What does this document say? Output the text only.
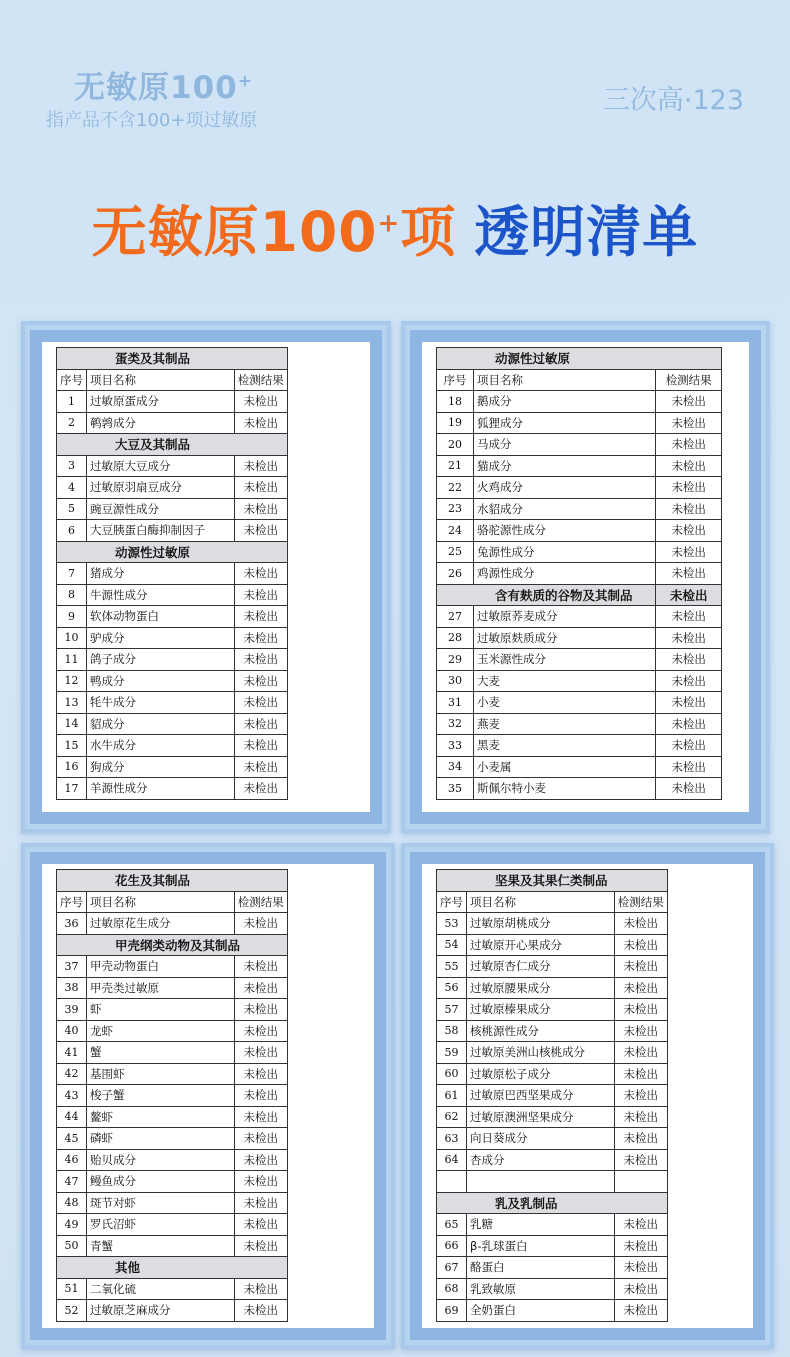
无敏原100+
指产品不含100+项过敏原
三次高·123
无敏原100+项 透明清单
蛋类及其制品		
序号	项目名称	检测结果
1	过敏原蛋成分	未检出
2	鹌鹑成分	未检出
大豆及其制品		
3	过敏原大豆成分	未检出
4	过敏原羽扇豆成分	未检出
5	豌豆源性成分	未检出
6	大豆胰蛋白酶抑制因子	未检出
动源性过敏原		
7	猪成分	未检出
8	牛源性成分	未检出
9	软体动物蛋白	未检出
10	驴成分	未检出
11	鸽子成分	未检出
12	鸭成分	未检出
13	牦牛成分	未检出
14	貂成分	未检出
15	水牛成分	未检出
16	狗成分	未检出
17	羊源性成分	未检出
动源性过敏原		
序号	项目名称	检测结果
18	鹅成分	未检出
19	狐狸成分	未检出
20	马成分	未检出
21	猫成分	未检出
22	火鸡成分	未检出
23	水貂成分	未检出
24	骆驼源性成分	未检出
25	兔源性成分	未检出
26	鸡源性成分	未检出
含有麸质的谷物及其制品		未检出
27	过敏原荞麦成分	未检出
28	过敏原麸质成分	未检出
29	玉米源性成分	未检出
30	大麦	未检出
31	小麦	未检出
32	燕麦	未检出
33	黑麦	未检出
34	小麦属	未检出
35	斯佩尔特小麦	未检出
花生及其制品		
序号	项目名称	检测结果
36	过敏原花生成分	未检出
甲壳纲类动物及其制品		
37	甲壳动物蛋白	未检出
38	甲壳类过敏原	未检出
39	虾	未检出
40	龙虾	未检出
41	蟹	未检出
42	基围虾	未检出
43	梭子蟹	未检出
44	鳌虾	未检出
45	磷虾	未检出
46	贻贝成分	未检出
47	鳗鱼成分	未检出
48	斑节对虾	未检出
49	罗氏沼虾	未检出
50	青蟹	未检出
其他		
51	二氧化硫	未检出
52	过敏原芝麻成分	未检出
坚果及其果仁类制品		
序号	项目名称	检测结果
53	过敏原胡桃成分	未检出
54	过敏原开心果成分	未检出
55	过敏原杏仁成分	未检出
56	过敏原腰果成分	未检出
57	过敏原榛果成分	未检出
58	核桃源性成分	未检出
59	过敏原美洲山核桃成分	未检出
60	过敏原松子成分	未检出
61	过敏原巴西坚果成分	未检出
62	过敏原澳洲坚果成分	未检出
63	向日葵成分	未检出
64	杏成分	未检出

乳及乳制品		
65	乳糖	未检出
66	β-乳球蛋白	未检出
67	酪蛋白	未检出
68	乳致敏原	未检出
69	全奶蛋白	未检出
